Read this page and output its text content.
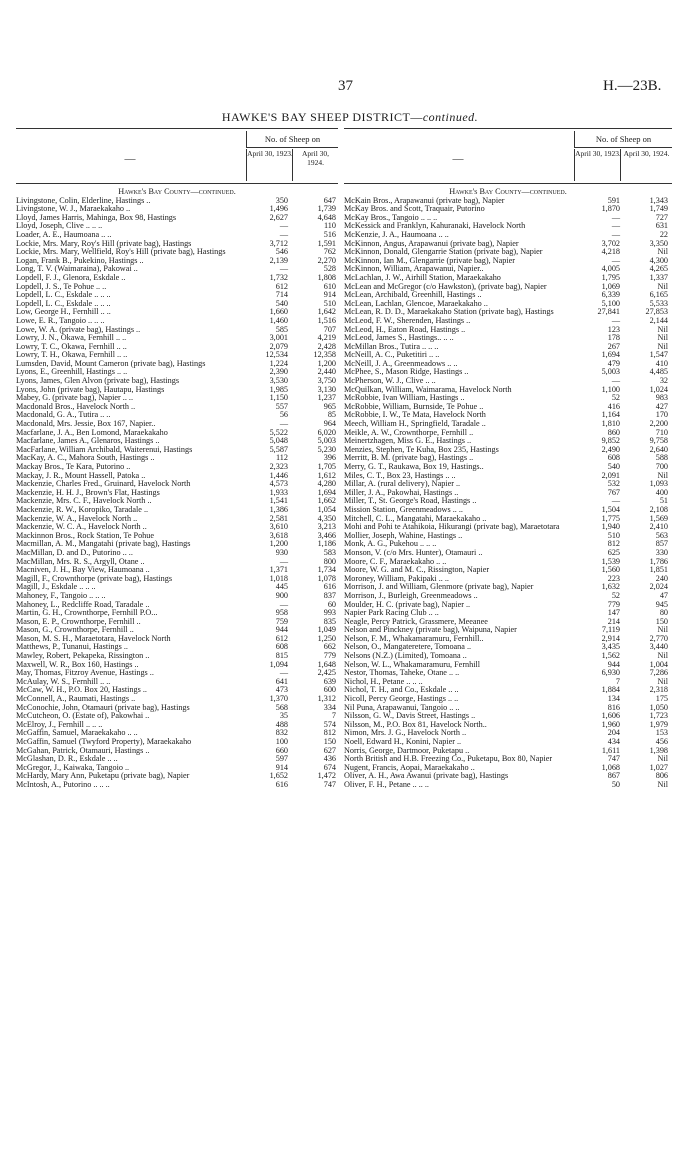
37	H.—23B.
HAWKE'S BAY SHEEP DISTRICT—continued.
—
No. of Sheep on
April 30, 1923.	April 30, 1924.
Hawke's Bay County—continued.
Livingstone, Colin, Elderline, Hastings ..	350	647
Livingstone, W. J., Maraekakaho ..	1,496	1,739
Lloyd, James Harris, Mahinga, Box 98, Hastings	2,627	4,648
Lloyd, Joseph, Clive .. .. ..	—	110
Loader, A. E., Haumoana .. ..	—	516
Lockie, Mrs. Mary, Roy's Hill (private bag), Hastings	3,712	1,591
Lockie, Mrs. Mary, Wellfield, Roy's Hill (private bag), Hastings	546	762
Logan, Frank B., Pukekino, Hastings ..	2,139	2,270
Long, T. V. (Waimaraina), Pakowai ..	—	528
Lopdell, F. J., Glenora, Eskdale ..	1,732	1,808
Lopdell, J. S., Te Pohue .. ..	612	610
Lopdell, L. C., Eskdale .. .. ..	714	914
Lopdell, L. C., Eskdale .. .. ..	540	510
Low, George H., Fernhill .. ..	1,660	1,642
Lowe, E. R., Tangoio .. .. ..	1,460	1,516
Lowe, W. A. (private bag), Hastings ..	585	707
Lowry, J. N., Okawa, Fernhill .. ..	3,001	4,219
Lowry, T. C., Okawa, Fernhill .. ..	2,079	2,428
Lowry, T. H., Okawa, Fernhill .. ..	12,534	12,358
Lumsden, David, Mount Cameron (private bag), Hastings	1,224	1,200
Lyons, E., Greenhill, Hastings .. ..	2,390	2,440
Lyons, James, Glen Alvon (private bag), Hastings	3,530	3,750
Lyons, John (private bag), Hautapu, Hastings	1,985	3,130
Mabey, G. (private bag), Napier .. ..	1,150	1,237
Macdonald Bros., Havelock North ..	557	965
Macdonald, G. A., Tutira .. ..	56	85
Macdonald, Mrs. Jessie, Box 167, Napier..	—	964
Macfarlane, J. A., Ben Lomond, Maraekakaho	5,522	6,020
Macfarlane, James A., Glenaros, Hastings ..	5,048	5,003
MacFarlane, William Archibald, Waiterenui, Hastings	5,587	5,230
MacKay, A. C., Mahora South, Hastings ..	112	396
Mackay Bros., Te Kara, Putorino ..	2,323	1,705
Mackay, J. R., Mount Hassell, Patoka ..	1,446	1,612
Mackenzie, Charles Fred., Gruinard, Havelock North	4,573	4,280
Mackenzie, H. H. J., Brown's Flat, Hastings	1,933	1,694
Mackenzie, Mrs. C. F., Havelock North ..	1,541	1,662
Mackenzie, R. W., Koropiko, Taradale ..	1,386	1,054
Mackenzie, W. A., Havelock North ..	2,581	4,350
Mackenzie, W. C. A., Havelock North ..	3,610	3,213
Mackinnon Bros., Rock Station, Te Pohue	3,618	3,466
Macmillan, A. M., Mangatahi (private bag), Hastings	1,200	1,186
MacMillan, D. and D., Putorino .. ..	930	583
MacMillan, Mrs. R. S., Argyll, Otane ..	—	800
Macniven, J. H., Bay View, Haumoana ..	1,371	1,734
Magill, F., Crownthorpe (private bag), Hastings	1,018	1,078
Magill, J., Eskdale .. .. ..	445	616
Mahoney, F., Tangoio .. .. ..	900	837
Mahoney, L., Redcliffe Road, Taradale ..	—	60
Martin, G. H., Crownthorpe, Fernhill P.O...	958	993
Mason, E. P., Crownthorpe, Fernhill ..	759	835
Mason, G., Crownthorpe, Fernhill ..	944	1,049
Mason, M. S. H., Maraetotara, Havelock North	612	1,250
Matthews, P., Tunanui, Hastings ..	608	662
Mawley, Robert, Pekapeka, Rissington ..	815	779
Maxwell, W. R., Box 160, Hastings ..	1,094	1,648
May, Thomas, Fitzroy Avenue, Hastings ..	—	2,425
McAulay, W. S., Fernhill .. ..	641	639
McCaw, W. H., P.O. Box 20, Hastings ..	473	600
McConnell, A., Raumati, Hastings ..	1,370	1,312
McConochie, John, Otamauri (private bag), Hastings	568	334
McCutcheon, O. (Estate of), Pakowhai ..	35	7
McElroy, J., Fernhill .. .. ..	488	574
McGaffin, Samuel, Maraekakaho .. ..	832	812
McGaffin, Samuel (Twyford Property), Maraekakaho	100	150
McGahan, Patrick, Otamauri, Hastings ..	660	627
McGlashan, D. R., Eskdale .. ..	597	436
McGregor, J., Kaiwaka, Tangoio ..	914	674
McHardy, Mary Ann, Puketapu (private bag), Napier	1,652	1,472
McIntosh, A., Putorino .. .. ..	616	747
—
No. of Sheep on
April 30, 1923. April 30, 1924.
Hawke's Bay County—continued.
McKain Bros., Arapawanui (private bag), Napier	591	1,343
McKay Bros. and Scott, Traquair, Putorino	1,870	1,749
McKay Bros., Tangoio .. .. ..	—	727
McKessick and Franklyn, Kahuranaki, Havelock North	—	631
McKenzie, J. A., Haumoana .. ..	—	22
McKinnon, Angus, Arapawanui (private bag), Napier	3,702	3,350
McKinnon, Donald, Glengarrie Station (private bag), Napier	4,218	Nil
McKinnon, Ian M., Glengarrie (private bag), Napier	—	4,300
McKinnon, William, Arapawanui, Napier..	4,005	4,265
McLachlan, J. W., Airhill Station, Maraekakaho	1,795	1,337
McLean and McGregor (c/o Hawkston), (private bag), Napier	1,069	Nil
McLean, Archibald, Greenhill, Hastings ..	6,339	6,165
McLean, Lachlan, Glencoe, Maraekakaho ..	5,100	5,533
McLean, R. D. D., Maraekakaho Station (private bag), Hastings	27,841	27,853
McLeod, F. W., Sherenden, Hastings ..	—	2,144
McLeod, H., Eaton Road, Hastings ..	123	Nil
McLeod, James S., Hastings.. .. ..	178	Nil
McMillan Bros., Tutira .. .. ..	267	Nil
McNeill, A. C., Puketitiri .. ..	1,694	1,547
McNeill, J. A., Greenmeadows .. ..	479	410
McPhee, S., Mason Ridge, Hastings ..	5,003	4,485
McPherson, W. J., Clive .. ..	—	32
McQuilkan, William, Waimarama, Havelock North	1,100	1,024
McRobbie, Ivan William, Hastings ..	52	983
McRobbie, William, Burnside, Te Pohue ..	416	427
McRobbie, I. W., Te Mata, Havelock North	1,164	170
Meech, William H., Springfield, Taradale ..	1,810	2,200
Meikle, A. W., Crownthorpe, Fernhill ..	860	710
Meinertzhagen, Miss G. E., Hastings ..	9,852	9,758
Menzies, Stephen, Te Kuha, Box 235, Hastings	2,490	2,640
Merritt, B. M. (private bag), Hastings ..	608	588
Merry, G. T., Raukawa, Box 19, Hastings..	540	700
Miles, C. T., Box 23, Hastings .. ..	2,091	Nil
Millar, A. (rural delivery), Napier ..	532	1,093
Miller, J. A., Pakowhai, Hastings ..	767	400
Miller, T., St. George's Road, Hastings ..	—	51
Mission Station, Greenmeadows .. ..	1,504	2,108
Mitchell, C. L., Mangatahi, Maraekakaho ..	1,775	1,569
Mohi and Pohi te Atahikoia, Hikurangi (private bag), Maraetotara	1,940	2,410
Mollier, Joseph, Wahine, Hastings ..	510	563
Monk, A. G., Pukehou .. .. ..	812	857
Monson, V. (c/o Mrs. Hunter), Otamauri ..	625	330
Moore, C. F., Maraekakaho .. ..	1,539	1,786
Moore, W. G. and M. C., Rissington, Napier	1,560	1,851
Moroney, William, Pakipaki .. ..	223	240
Morrison, J. and William, Glenmore (private bag), Napier	1,632	2,024
Morrison, J., Burleigh, Greenmeadows ..	52	47
Moulder, H. C. (private bag), Napier ..	779	945
Napier Park Racing Club .. ..	147	80
Neagle, Percy Patrick, Grassmere, Meeanee	214	150
Nelson and Pinckney (private bag), Waipuna, Napier	7,119	Nil
Nelson, F. M., Whakamaramuru, Fernhill..	2,914	2,770
Nelson, O., Mangateretere, Tomoana ..	3,435	3,440
Nelsons (N.Z.) (Limited), Tomoana ..	1,562	Nil
Nelson, W. L., Whakamaramuru, Fernhill	944	1,004
Nestor, Thomas, Taheke, Otane .. ..	6,930	7,286
Nichol, H., Petane .. .. ..	7	Nil
Nichol, T. H., and Co., Eskdale .. ..	1,884	2,318
Nicoll, Percy George, Hastings .. ..	134	175
Nil Puna, Arapawanui, Tangoio .. ..	816	1,050
Nilsson, G. W., Davis Street, Hastings ..	1,606	1,723
Nilsson, M., P.O. Box 81, Havelock North..	1,960	1,979
Nimon, Mrs. J. G., Havelock North ..	204	153
Noell, Edward H., Konini, Napier ..	434	456
Norris, George, Dartmoor, Puketapu ..	1,611	1,398
North British and H.B. Freezing Co., Puketapu, Box 80, Napier	747	Nil
Nugent, Francis, Aopai, Maraekakaho ..	1,068	1,027
Oliver, A. H., Awa Awanui (private bag), Hastings	867	806
Oliver, F. H., Petane .. .. ..	50	Nil
